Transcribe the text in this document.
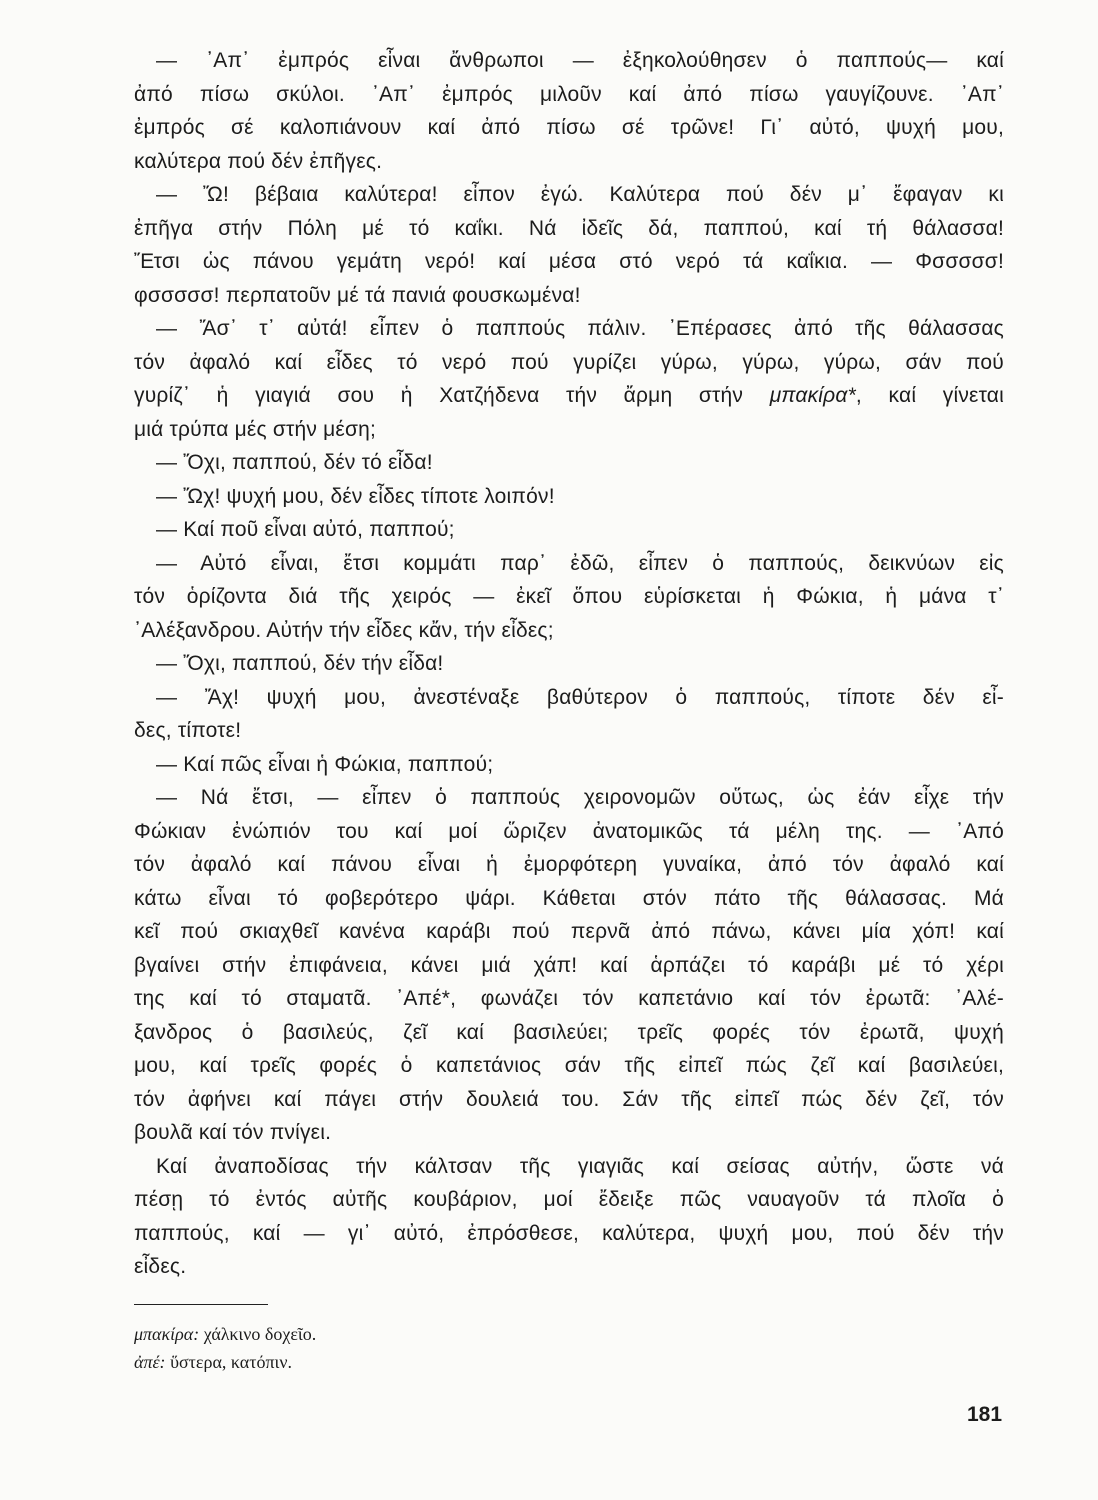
— ᾿Απ᾽ ἐμπρός εἶναι ἄνθρωποι — ἐξηκολούθησεν ὁ παππούς— καί
ἀπό πίσω σκύλοι. ᾿Απ᾽ ἐμπρός μιλοῦν καί ἀπό πίσω γαυγίζουνε. ᾿Απ᾽
ἐμπρός σέ καλοπιάνουν καί ἀπό πίσω σέ τρῶνε! Γι᾽ αὐτό, ψυχή μου,
καλύτερα πού δέν ἐπῆγες.
— Ὤ! βέβαια καλύτερα! εἶπον ἐγώ. Καλύτερα πού δέν μ᾽ ἔφαγαν κι
ἐπῆγα στήν Πόλη μέ τό καΐκι. Νά ἰδεῖς δά, παππού, καί τή θάλασσα!
Ἔτσι ὡς πάνου γεμάτη νερό! καί μέσα στό νερό τά καΐκια. — Φσσσσσ!
φσσσσσ! περπατοῦν μέ τά πανιά φουσκωμένα!
— Ἄσ᾽ τ᾽ αὐτά! εἶπεν ὁ παππούς πάλιν. ᾿Επέρασες ἀπό τῆς θάλασσας
τόν ἀφαλό καί εἶδες τό νερό πού γυρίζει γύρω, γύρω, γύρω, σάν πού
γυρίζ᾽ ἡ γιαγιά σου ἡ Χατζήδενα τήν ἄρμη στήν μπακίρα*, καί γίνεται
μιά τρύπα μές στήν μέση;
— Ὄχι, παππού, δέν τό εἶδα!
— Ὤχ! ψυχή μου, δέν εἶδες τίποτε λοιπόν!
— Καί ποῦ εἶναι αὐτό, παππού;
— Αὐτό εἶναι, ἔτσι κομμάτι παρ᾽ ἐδῶ, εἶπεν ὁ παππούς, δεικνύων εἰς
τόν ὁρίζοντα διά τῆς χειρός — ἐκεῖ ὅπου εὑρίσκεται ἡ Φώκια, ἡ μάνα τ᾽
᾿Αλέξανδρου. Αὐτήν τήν εἶδες κἄν, τήν εἶδες;
— Ὄχι, παππού, δέν τήν εἶδα!
— Ἄχ! ψυχή μου, ἀνεστέναξε βαθύτερον ὁ παππούς, τίποτε δέν εἶ-
δες, τίποτε!
— Καί πῶς εἶναι ἡ Φώκια, παππού;
— Νά ἔτσι, — εἶπεν ὁ παππούς χειρονομῶν οὕτως, ὡς ἐάν εἶχε τήν
Φώκιαν ἐνώπιόν του καί μοί ὥριζεν ἀνατομικῶς τά μέλη της. — ᾿Από
τόν ἀφαλό καί πάνου εἶναι ἡ ἐμορφότερη γυναίκα, ἀπό τόν ἀφαλό καί
κάτω εἶναι τό φοβερότερο ψάρι. Κάθεται στόν πάτο τῆς θάλασσας. Μά
κεῖ πού σκιαχθεῖ κανένα καράβι πού περνᾶ ἀπό πάνω, κάνει μία χόπ! καί
βγαίνει στήν ἐπιφάνεια, κάνει μιά χάπ! καί ἁρπάζει τό καράβι μέ τό χέρι
της καί τό σταματᾶ. ᾿Απέ*, φωνάζει τόν καπετάνιο καί τόν ἐρωτᾶ: ᾿Αλέ-
ξανδρος ὁ βασιλεύς, ζεῖ καί βασιλεύει; τρεῖς φορές τόν ἐρωτᾶ, ψυχή
μου, καί τρεῖς φορές ὁ καπετάνιος σάν τῆς εἰπεῖ πώς ζεῖ καί βασιλεύει,
τόν ἀφήνει καί πάγει στήν δουλειά του. Σάν τῆς εἰπεῖ πώς δέν ζεῖ, τόν
βουλᾶ καί τόν πνίγει.
Καί ἀναποδίσας τήν κάλτσαν τῆς γιαγιᾶς καί σείσας αὐτήν, ὥστε νά
πέσῃ τό ἐντός αὐτῆς κουβάριον, μοί ἔδειξε πῶς ναυαγοῦν τά πλοῖα ὁ
παππούς, καί — γι᾽ αὐτό, ἐπρόσθεσε, καλύτερα, ψυχή μου, πού δέν τήν
εἶδες.
μπακίρα: χάλκινο δοχεῖο.
ἀπέ: ὕστερα, κατόπιν.
181
